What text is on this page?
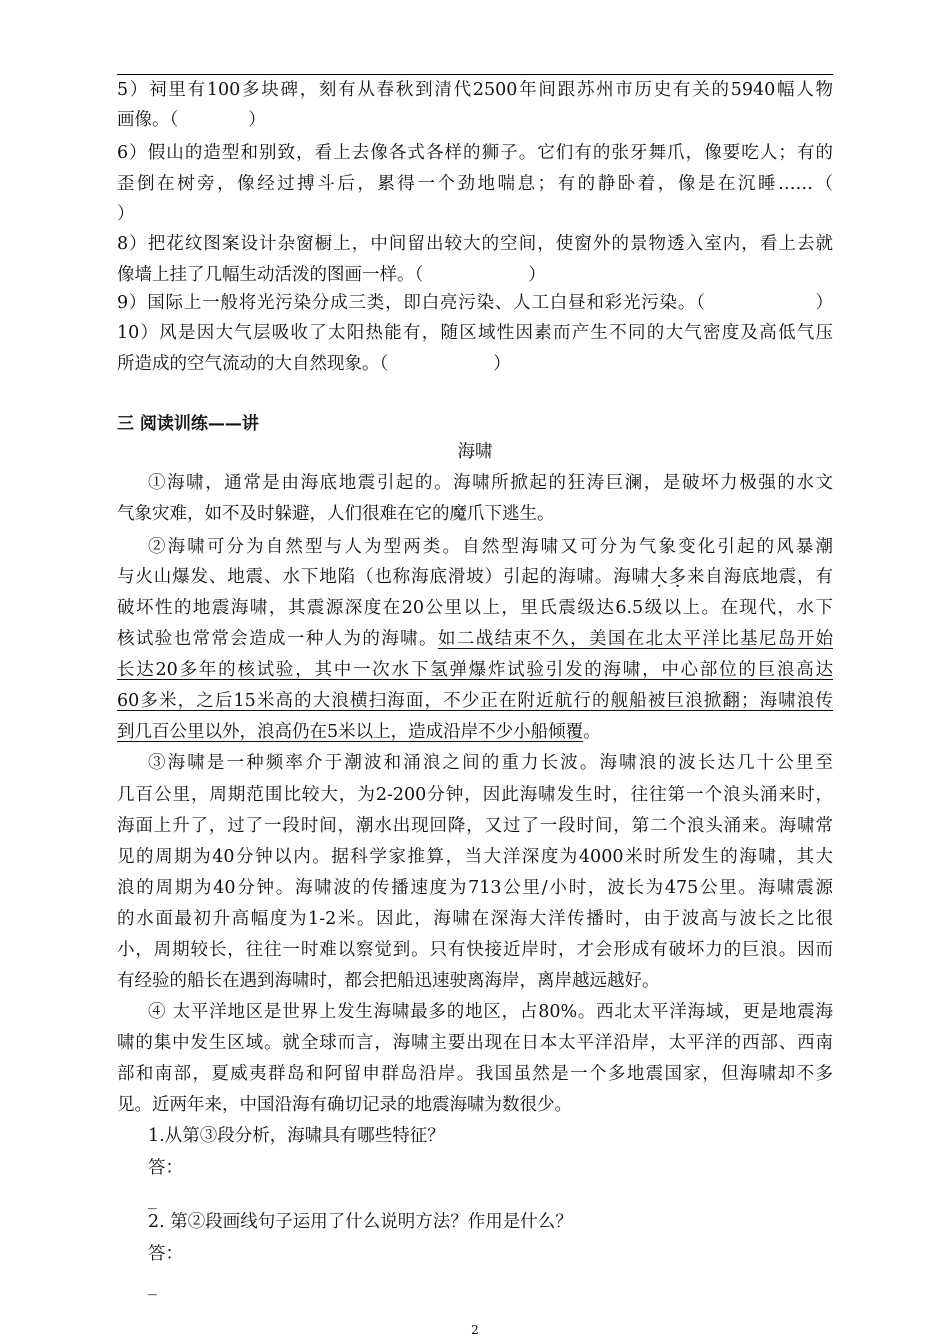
5）祠里有100多块碑，刻有从春秋到清代2500年间跟苏州市历史有关的5940幅人物
画像。（　　　　）
6）假山的造型和别致，看上去像各式各样的狮子。它们有的张牙舞爪，像要吃人；有的
歪倒在树旁，像经过搏斗后，累得一个劲地喘息；有的静卧着，像是在沉睡……（
）
8）把花纹图案设计杂窗橱上，中间留出较大的空间，使窗外的景物透入室内，看上去就
像墙上挂了几幅生动活泼的图画一样。（　　　　　　）
9）国际上一般将光污染分成三类，即白亮污染、人工白昼和彩光污染。（　　　　　　）
10）风是因大气层吸收了太阳热能有，随区域性因素而产生不同的大气密度及高低气压
所造成的空气流动的大自然现象。（　　　　　　）
三 阅读训练——讲
海啸
①海啸，通常是由海底地震引起的。海啸所掀起的狂涛巨澜，是破坏力极强的水文
气象灾难，如不及时躲避，人们很难在它的魔爪下逃生。
②海啸可分为自然型与人为型两类。自然型海啸又可分为气象变化引起的风暴潮
与火山爆发、地震、水下地陷（也称海底滑坡）引起的海啸。海啸大多来自海底地震，有
破坏性的地震海啸，其震源深度在20公里以上，里氏震级达6.5级以上。在现代，水下
核试验也常常会造成一种人为的海啸。如二战结束不久，美国在北太平洋比基尼岛开始
长达20多年的核试验，其中一次水下氢弹爆炸试验引发的海啸，中心部位的巨浪高达
60多米，之后15米高的大浪横扫海面，不少正在附近航行的舰船被巨浪掀翻；海啸浪传
到几百公里以外，浪高仍在5米以上，造成沿岸不少小船倾覆。
③海啸是一种频率介于潮波和涌浪之间的重力长波。海啸浪的波长达几十公里至
几百公里，周期范围比较大，为2-200分钟，因此海啸发生时，往往第一个浪头涌来时，
海面上升了，过了一段时间，潮水出现回降，又过了一段时间，第二个浪头涌来。海啸常
见的周期为40分钟以内。据科学家推算，当大洋深度为4000米时所发生的海啸，其大
浪的周期为40分钟。海啸波的传播速度为713公里/小时，波长为475公里。海啸震源
的水面最初升高幅度为1-2米。因此，海啸在深海大洋传播时，由于波高与波长之比很
小，周期较长，往往一时难以察觉到。只有快接近岸时，才会形成有破坏力的巨浪。因而
有经验的船长在遇到海啸时，都会把船迅速驶离海岸，离岸越远越好。
④ 太平洋地区是世界上发生海啸最多的地区，占80%。西北太平洋海域，更是地震海
啸的集中发生区域。就全球而言，海啸主要出现在日本太平洋沿岸，太平洋的西部、西南
部和南部，夏威夷群岛和阿留申群岛沿岸。我国虽然是一个多地震国家，但海啸却不多
见。近两年来，中国沿海有确切记录的地震海啸为数很少。
1.从第③段分析，海啸具有哪些特征？
答：
_
2. 第②段画线句子运用了什么说明方法？作用是什么？
答：
_
2
